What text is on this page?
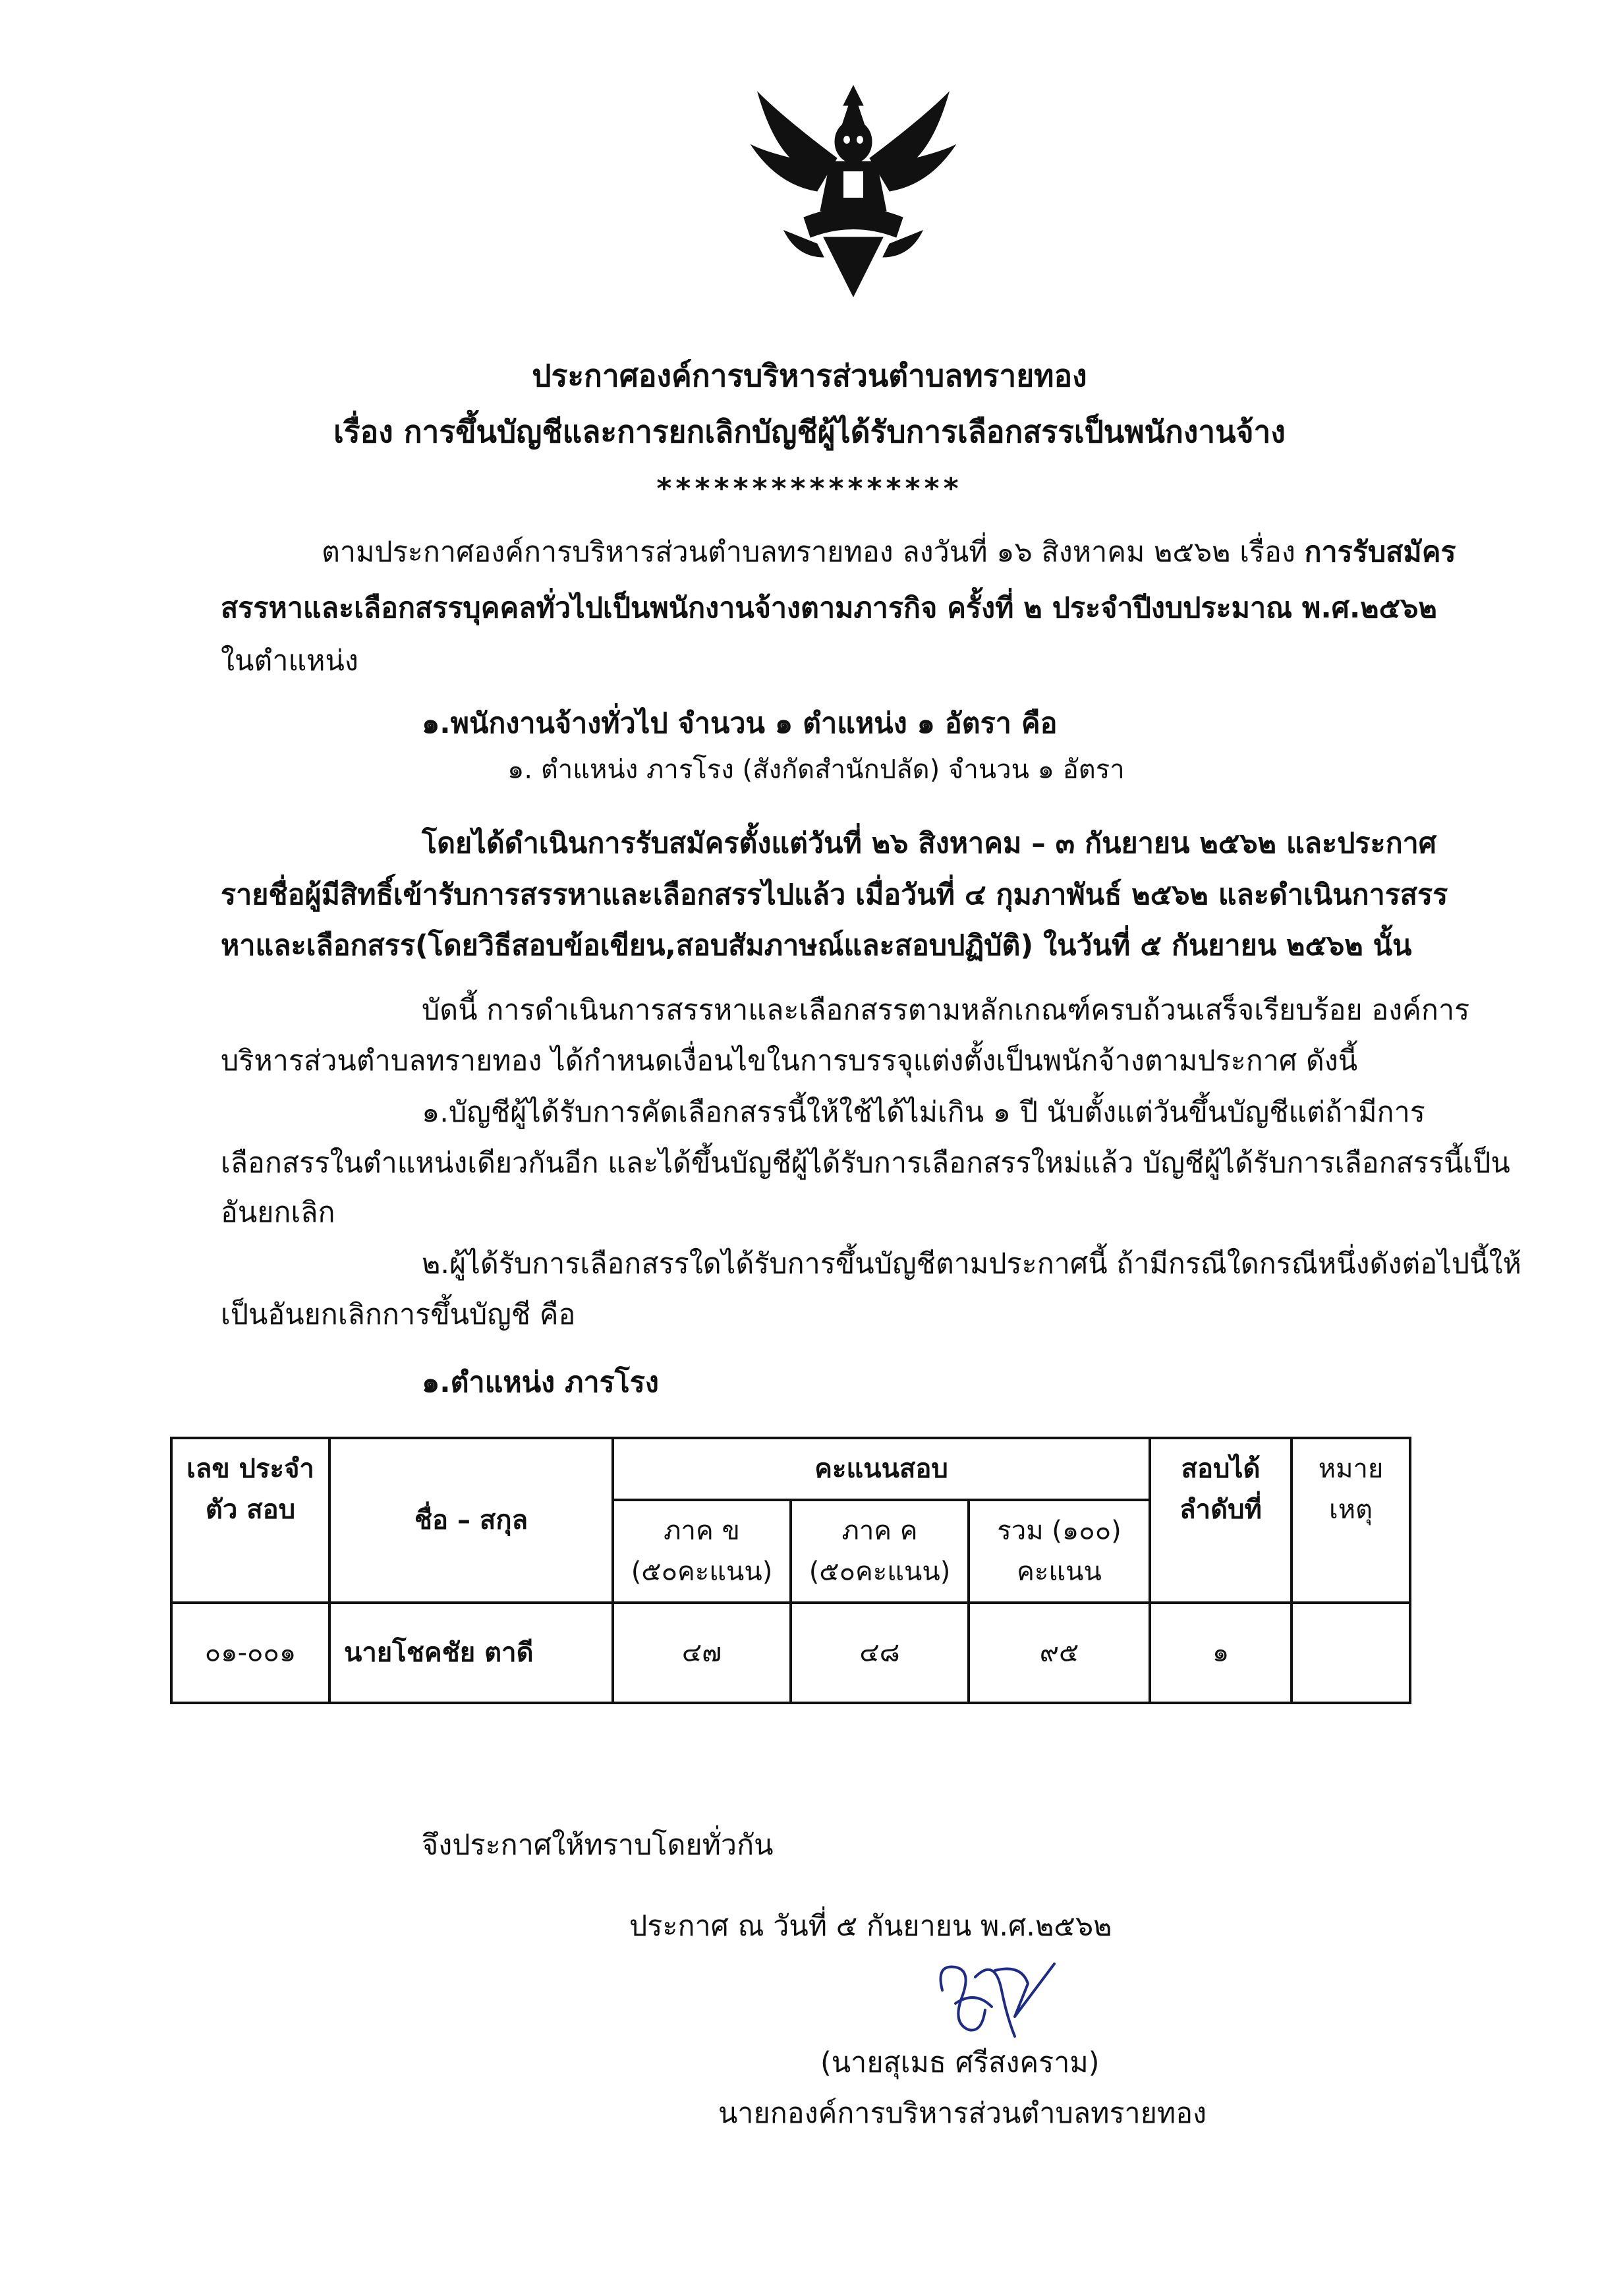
ประกาศองค์การบริหารส่วนตำบลทรายทอง
เรื่อง การขึ้นบัญชีและการยกเลิกบัญชีผู้ได้รับการเลือกสรรเป็นพนักงานจ้าง
****************
ตามประกาศองค์การบริหารส่วนตำบลทรายทอง ลงวันที่ ๑๖ สิงหาคม ๒๕๖๒ เรื่อง การรับสมัคร
สรรหาและเลือกสรรบุคคลทั่วไปเป็นพนักงานจ้างตามภารกิจ ครั้งที่ ๒ ประจำปีงบประมาณ พ.ศ.๒๕๖๒
ในตำแหน่ง
๑.พนักงานจ้างทั่วไป จำนวน ๑ ตำแหน่ง ๑ อัตรา คือ
๑. ตำแหน่ง ภารโรง (สังกัดสำนักปลัด) จำนวน ๑ อัตรา
โดยได้ดำเนินการรับสมัครตั้งแต่วันที่ ๒๖ สิงหาคม – ๓ กันยายน ๒๕๖๒ และประกาศ
รายชื่อผู้มีสิทธิ์เข้ารับการสรรหาและเลือกสรรไปแล้ว เมื่อวันที่ ๔ กุมภาพันธ์ ๒๕๖๒ และดำเนินการสรร
หาและเลือกสรร(โดยวิธีสอบข้อเขียน,สอบสัมภาษณ์และสอบปฏิบัติ) ในวันที่ ๕ กันยายน ๒๕๖๒ นั้น
บัดนี้ การดำเนินการสรรหาและเลือกสรรตามหลักเกณฑ์ครบถ้วนเสร็จเรียบร้อย องค์การ
บริหารส่วนตำบลทรายทอง ได้กำหนดเงื่อนไขในการบรรจุแต่งตั้งเป็นพนักจ้างตามประกาศ ดังนี้
๑.บัญชีผู้ได้รับการคัดเลือกสรรนี้ให้ใช้ได้ไม่เกิน ๑ ปี นับตั้งแต่วันขึ้นบัญชีแต่ถ้ามีการ
เลือกสรรในตำแหน่งเดียวกันอีก และได้ขึ้นบัญชีผู้ได้รับการเลือกสรรใหม่แล้ว บัญชีผู้ได้รับการเลือกสรรนี้เป็น
อันยกเลิก
๒.ผู้ได้รับการเลือกสรรใดได้รับการขึ้นบัญชีตามประกาศนี้ ถ้ามีกรณีใดกรณีหนึ่งดังต่อไปนี้ให้
เป็นอันยกเลิกการขึ้นบัญชี คือ
๑.ตำแหน่ง ภารโรง
เลข ประจำตัว สอบ	ชื่อ – สกุล	คะแนนสอบ			สอบได้ ลำดับที่	หมาย เหตุ
		ภาค ข (๕๐คะแนน)	ภาค ค (๕๐คะแนน)	รวม (๑๐๐) คะแนน		
๐๑-๐๐๑	นายโชคชัย ตาดี	๔๗	๔๘	๙๕	๑	
จึงประกาศให้ทราบโดยทั่วกัน
ประกาศ ณ วันที่ ๕ กันยายน พ.ศ.๒๕๖๒
(นายสุเมธ ศรีสงคราม)
นายกองค์การบริหารส่วนตำบลทรายทอง
